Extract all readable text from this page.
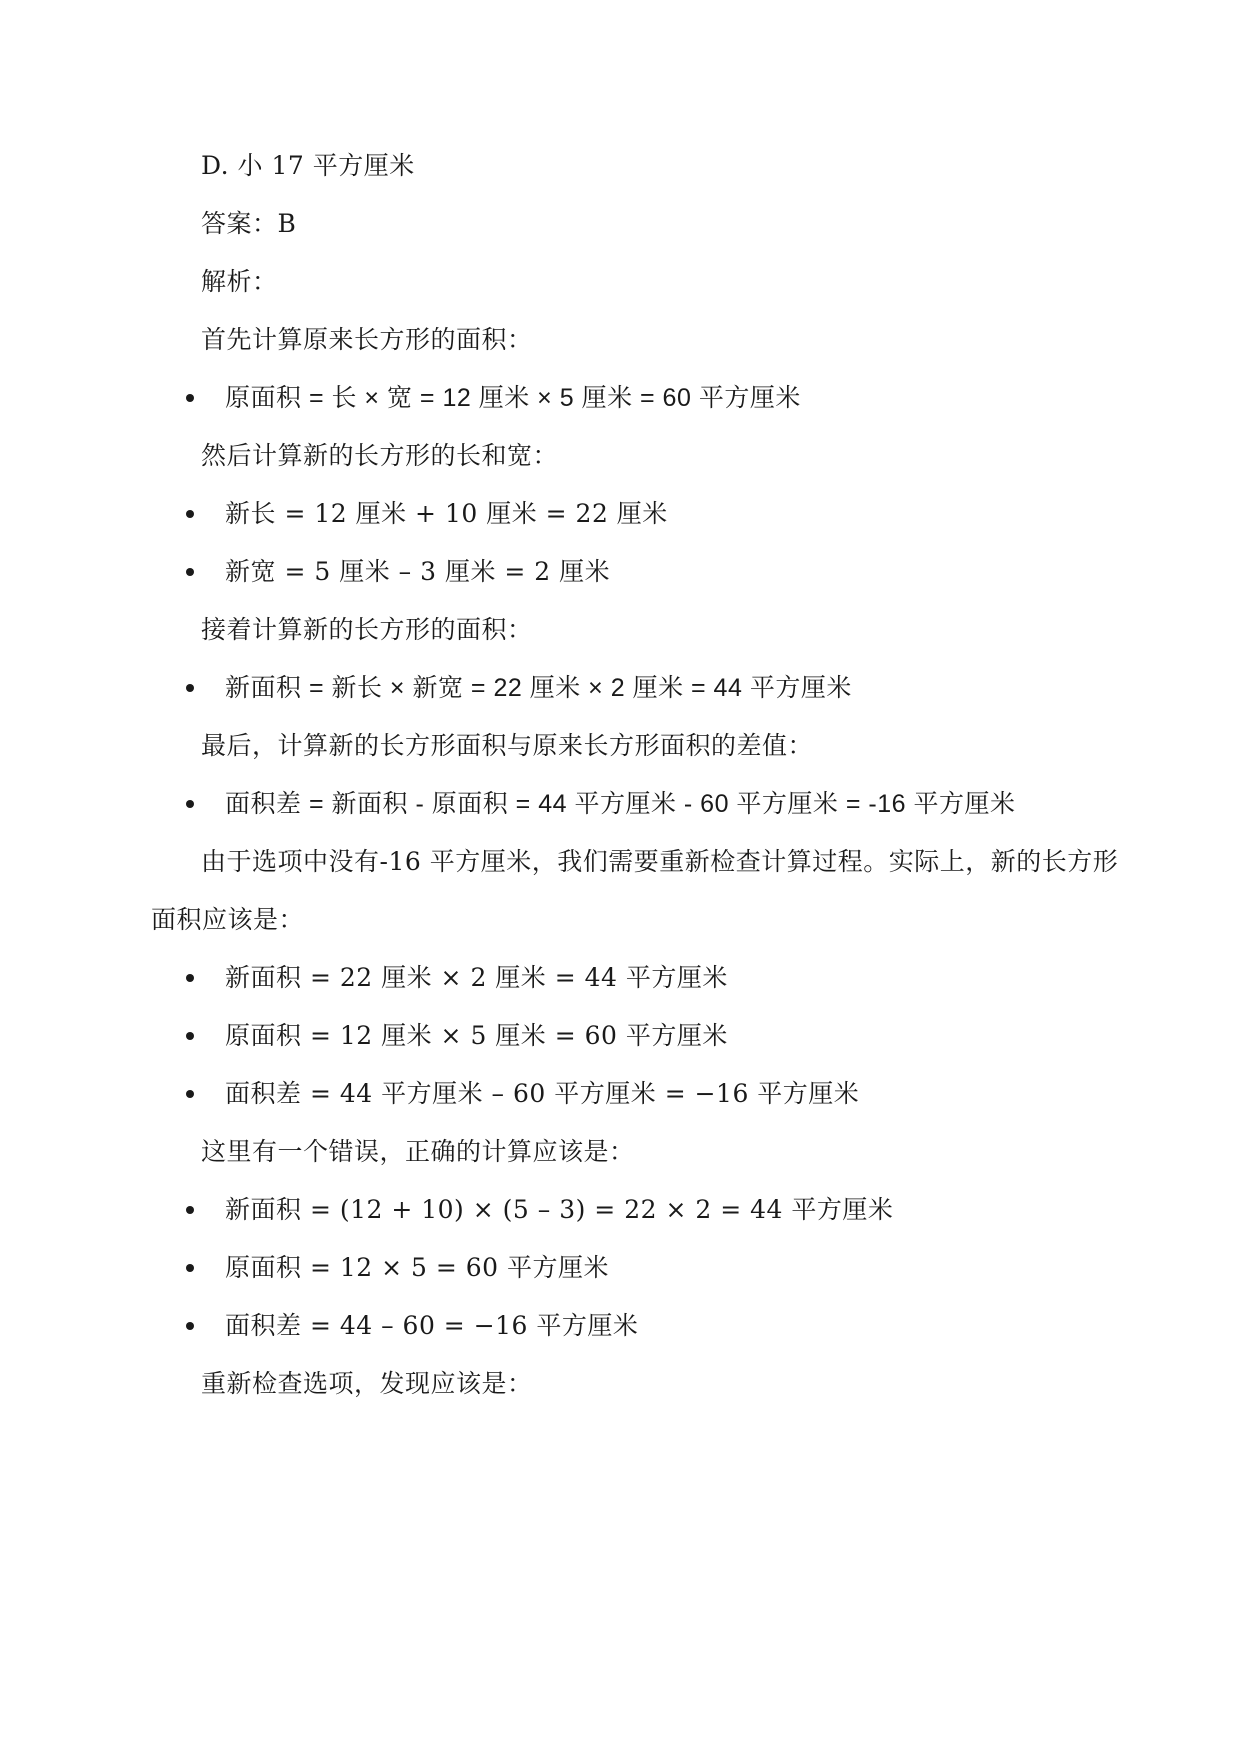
D. 小 17 平方厘米
答案：B
解析：
首先计算原来长方形的面积：
原面积 = 长 × 宽 = 12 厘米 × 5 厘米 = 60 平方厘米
然后计算新的长方形的长和宽：
新长 = 12 厘米 + 10 厘米 = 22 厘米
新宽 = 5 厘米 – 3 厘米 = 2 厘米
接着计算新的长方形的面积：
新面积 = 新长 × 新宽 = 22 厘米 × 2 厘米 = 44 平方厘米
最后，计算新的长方形面积与原来长方形面积的差值：
面积差 = 新面积 - 原面积 = 44 平方厘米 - 60 平方厘米 = -16 平方厘米
由于选项中没有-16 平方厘米，我们需要重新检查计算过程。实际上，新的长方形
面积应该是：
新面积 = 22 厘米 × 2 厘米 = 44 平方厘米
原面积 = 12 厘米 × 5 厘米 = 60 平方厘米
面积差 = 44 平方厘米 – 60 平方厘米 = −16 平方厘米
这里有一个错误，正确的计算应该是：
新面积 = (12 + 10) × (5 – 3) = 22 × 2 = 44 平方厘米
原面积 = 12 × 5 = 60 平方厘米
面积差 = 44 – 60 = −16 平方厘米
重新检查选项，发现应该是：
